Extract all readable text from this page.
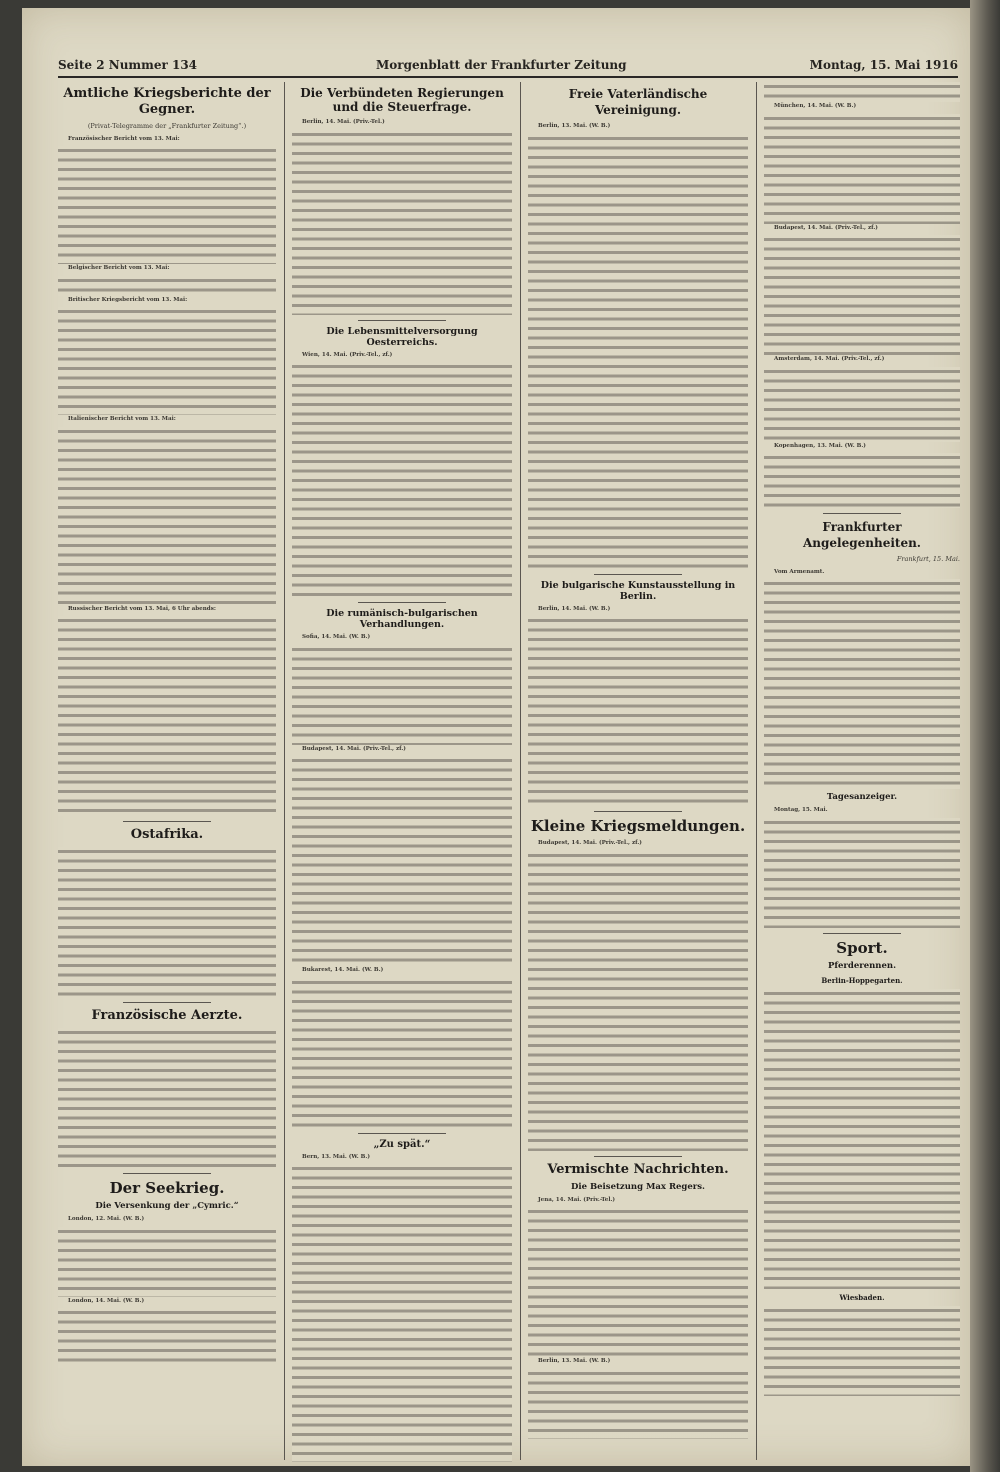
Seite 2 Nummer 134	Morgenblatt der Frankfurter Zeitung	Montag, 15. Mai 1916
Amtliche Kriegsberichte der Gegner.
(Privat-Telegramme der „Frankfurter Zeitung“.)

Französischer Bericht vom 13. Mai:

Belgischer Bericht vom 13. Mai:

Britischer Kriegsbericht vom 13. Mai:

Italienischer Bericht vom 13. Mai:

Russischer Bericht vom 13. Mai, 6 Uhr abends:

Ostafrika.
Französische Aerzte.
Der Seekrieg.
Die Versenkung der „Cymric.“

London, 12. Mai. (W. B.)

London, 14. Mai. (W. B.)

Die Verbündeten Regierungen und die Steuerfrage.

Berlin, 14. Mai. (Priv.-Tel.)

Die Lebensmittelversorgung Oesterreichs.

Wien, 14. Mai. (Priv.-Tel., zf.)

Die rumänisch-bulgarischen Verhandlungen.

Sofia, 14. Mai. (W. B.)

Budapest, 14. Mai. (Priv.-Tel., zf.)

Bukarest, 14. Mai. (W. B.)

„Zu spät.“

Bern, 13. Mai. (W. B.)

Freie Vaterländische Vereinigung.

Berlin, 13. Mai. (W. B.)

Die bulgarische Kunstausstellung in Berlin.

Berlin, 14. Mai. (W. B.)

Kleine Kriegsmeldungen.

Budapest, 14. Mai. (Priv.-Tel., zf.)

Vermischte Nachrichten.
Die Beisetzung Max Regers.

Jena, 14. Mai. (Priv.-Tel.)

Berlin, 13. Mai. (W. B.)

München, 14. Mai. (W. B.)

Budapest, 14. Mai. (Priv.-Tel., zf.)

Amsterdam, 14. Mai. (Priv.-Tel., zf.)

Kopenhagen, 13. Mai. (W. B.)

Frankfurter Angelegenheiten.
Frankfurt, 15. Mai.

Vom Armenamt.

Tagesanzeiger.

Montag, 15. Mai.

Sport.
Pferderennen.
Berlin-Hoppegarten.
Wiesbaden.
